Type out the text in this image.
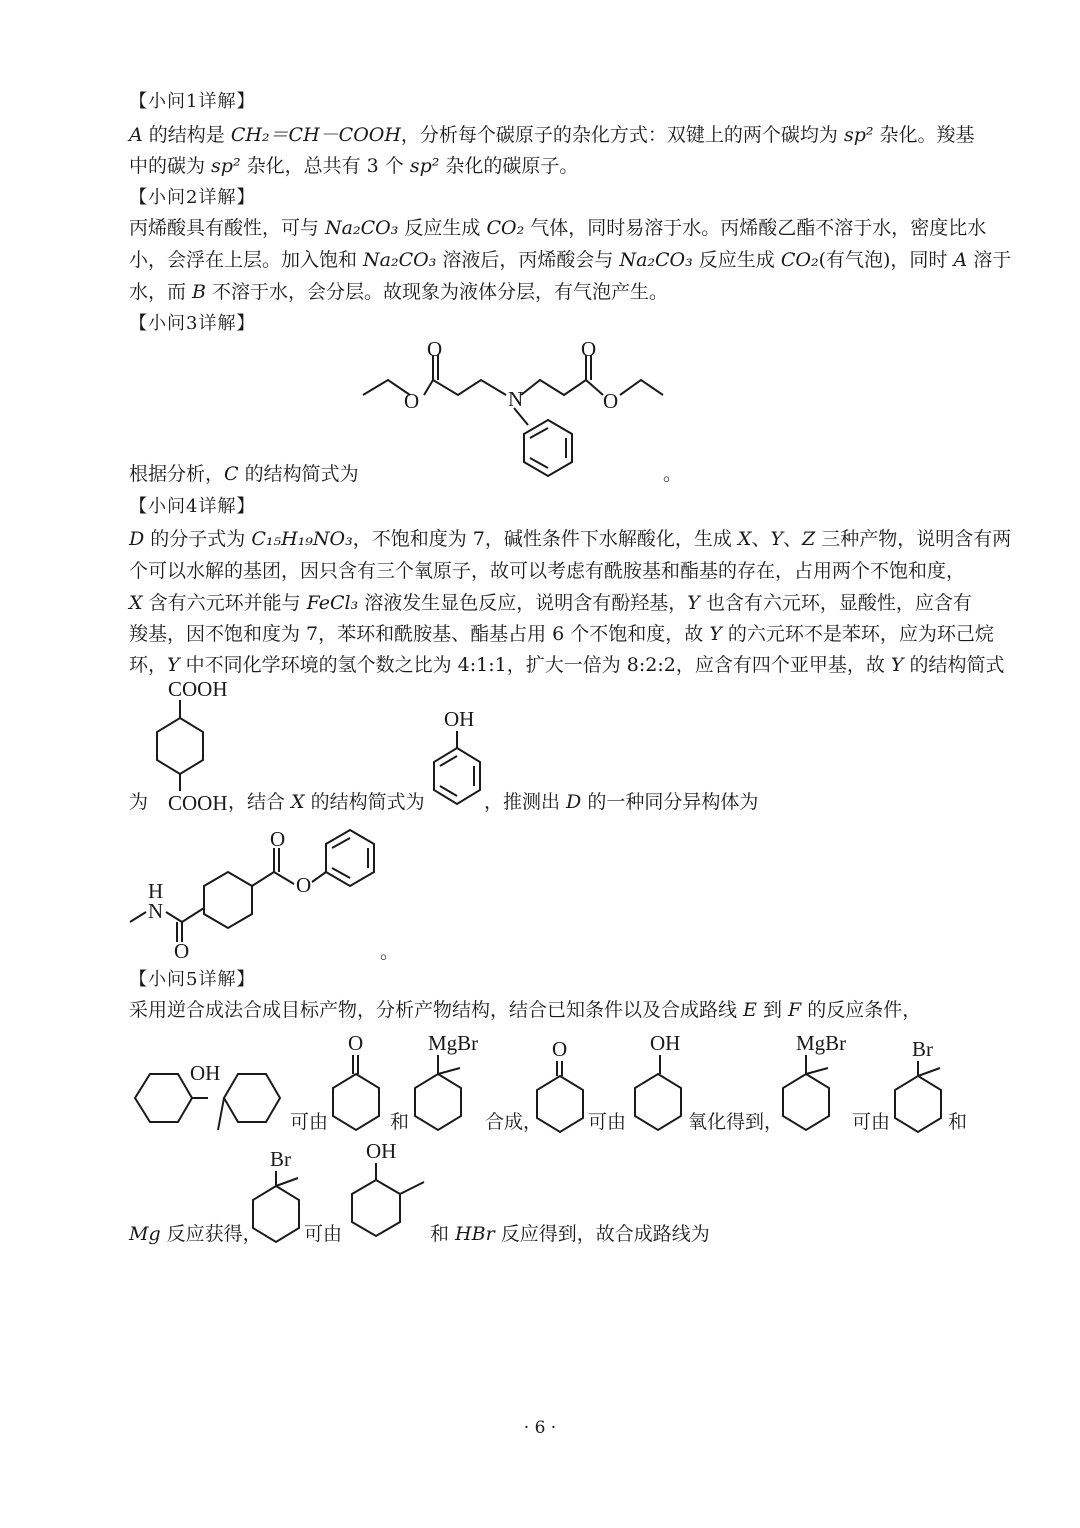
【小问1详解】
A 的结构是 CH₂＝CH－COOH，分析每个碳原子的杂化方式：双键上的两个碳均为 sp² 杂化。羧基
中的碳为 sp² 杂化，总共有 3 个 sp² 杂化的碳原子。
【小问2详解】
丙烯酸具有酸性，可与 Na₂CO₃ 反应生成 CO₂ 气体，同时易溶于水。丙烯酸乙酯不溶于水，密度比水
小，会浮在上层。加入饱和 Na₂CO₃ 溶液后，丙烯酸会与 Na₂CO₃ 反应生成 CO₂(有气泡)，同时 A 溶于
水，而 B 不溶于水，会分层。故现象为液体分层，有气泡产生。
【小问3详解】
O
O
N
O
O
根据分析，C 的结构简式为	。
【小问4详解】
D 的分子式为 C₁₅H₁₉NO₃，不饱和度为 7，碱性条件下水解酸化，生成 X、Y、Z 三种产物，说明含有两
个可以水解的基团，因只含有三个氧原子，故可以考虑有酰胺基和酯基的存在，占用两个不饱和度，
X 含有六元环并能与 FeCl₃ 溶液发生显色反应，说明含有酚羟基，Y 也含有六元环，显酸性，应含有
羧基，因不饱和度为 7，苯环和酰胺基、酯基占用 6 个不饱和度，故 Y 的六元环不是苯环，应为环己烷
环，Y 中不同化学环境的氢个数之比为 4:1:1，扩大一倍为 8:2:2，应含有四个亚甲基，故 Y 的结构简式
COOH
COOH
为	，结合 X 的结构简式为
OH
，推测出 D 的一种同分异构体为
H
N
O
O
O
。
【小问5详解】
采用逆合成法合成目标产物，分析产物结构，结合已知条件以及合成路线 E 到 F 的反应条件，
OH
可由
O
和
MgBr
合成，
O
可由
OH
氧化得到，
MgBr
可由
Br
和
Br	OH
Mg 反应获得， 可由	和 HBr 反应得到，故合成路线为
· 6 ·
